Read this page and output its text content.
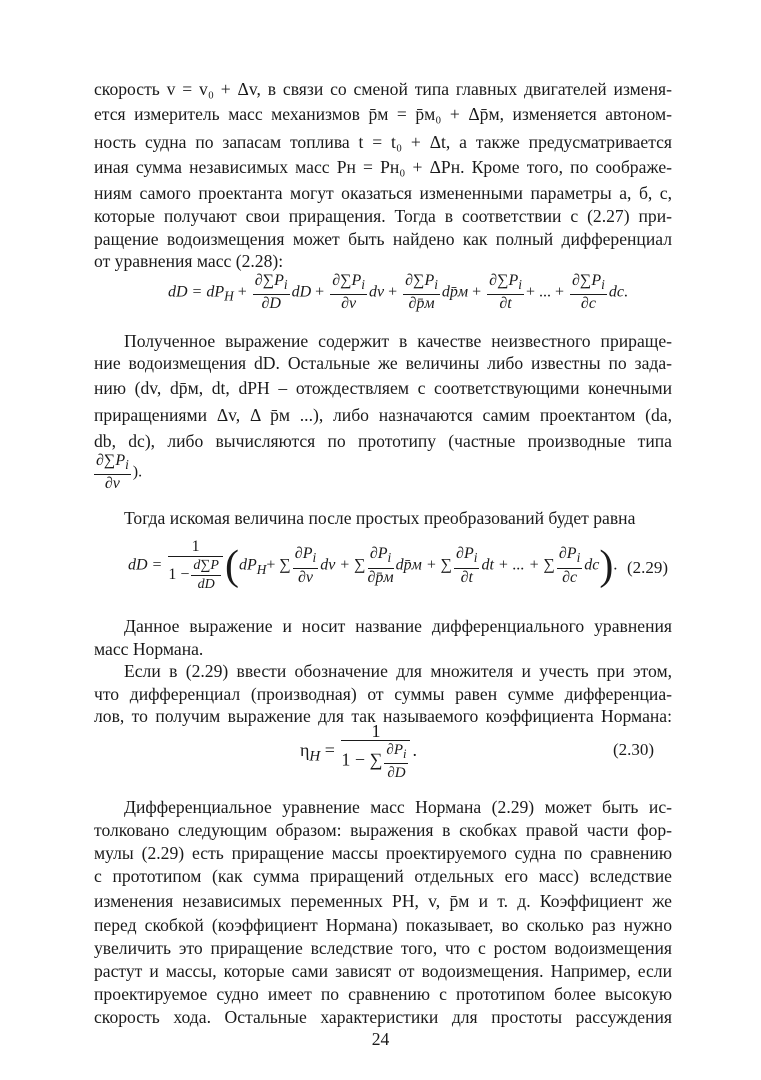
скорость v = v₀ + Δv, в связи со сменой типа главных двигателей изменя-
ется измеритель масс механизмов p̄м = p̄м₀ + Δp̄м, изменяется автоном-
ность судна по запасам топлива t = t₀ + Δt, а также предусматривается
иная сумма независимых масс Pн = Pн₀ + ΔPн. Кроме того, по соображе-
ниям самого проектанта могут оказаться измененными параметры а, б, с,
которые получают свои приращения. Тогда в соответствии с (2.27) при-
ращение водоизмещения может быть найдено как полный дифференциал
от уравнения масс (2.28):
dD = $dP_H + \frac{\partial\sum P_i}{\partial D}$ dD + $\frac{\partial\sum P_i}{\partial v}$ dv + $\frac{\partial\sum P_i}{\partial p̄м}$ dp̄м + $\frac{\partial\sum P_i}{\partial t}$ + ... + $\frac{\partial\sum P_i}{\partial c}$ dc.
Полученное выражение содержит в качестве неизвестного прираще-
ние водоизмещения dD. Остальные же величины либо известны по зада-
нию (dv, dp̄м, dt, dPH – отождествляем с соответствующими конечными
приращениями Δv, Δ p̄м ...), либо назначаются самим проектантом (da,
db, dc), либо вычисляются по прототипу (частные производные типа
$\frac{\partial\sum P_i}{\partial v}$ ).
Тогда искомая величина после простых преобразований будет равна
dD = $\frac{1}{1 - \frac{d\sum P}{dD}} (dP_H+$ ∑ $\frac{\partial P_i}{\partial v}$ dv + ∑ $\frac{\partial P_i}{\partial p̄м}$ dp̄м + ∑ $\frac{\partial P_i}{\partial t}$ dt + ... + ∑ $\frac{\partial P_i}{\partial c} dc$). (2.29)
Данное выражение и носит название дифференциального уравнения
масс Нормана.
Если в (2.29) ввести обозначение для множителя и учесть при этом,
что дифференциал (производная) от суммы равен сумме дифференциа-
лов, то получим выражение для так называемого коэффициента Нормана:
$\eta_H = \frac{1}{1 - \sum \frac{\partial P_i}{\partial D}}$ .	(2.30)
Дифференциальное уравнение масс Нормана (2.29) может быть ис-
толковано следующим образом: выражения в скобках правой части фор-
мулы (2.29) есть приращение массы проектируемого судна по сравнению
с прототипом (как сумма приращений отдельных его масс) вследствие
изменения независимых переменных PH, v, p̄м и т. д. Коэффициент же
перед скобкой (коэффициент Нормана) показывает, во сколько раз нужно
увеличить это приращение вследствие того, что с ростом водоизмещения
растут и массы, которые сами зависят от водоизмещения. Например, если
проектируемое судно имеет по сравнению с прототипом более высокую
скорость хода. Остальные характеристики для простоты рассуждения
24
